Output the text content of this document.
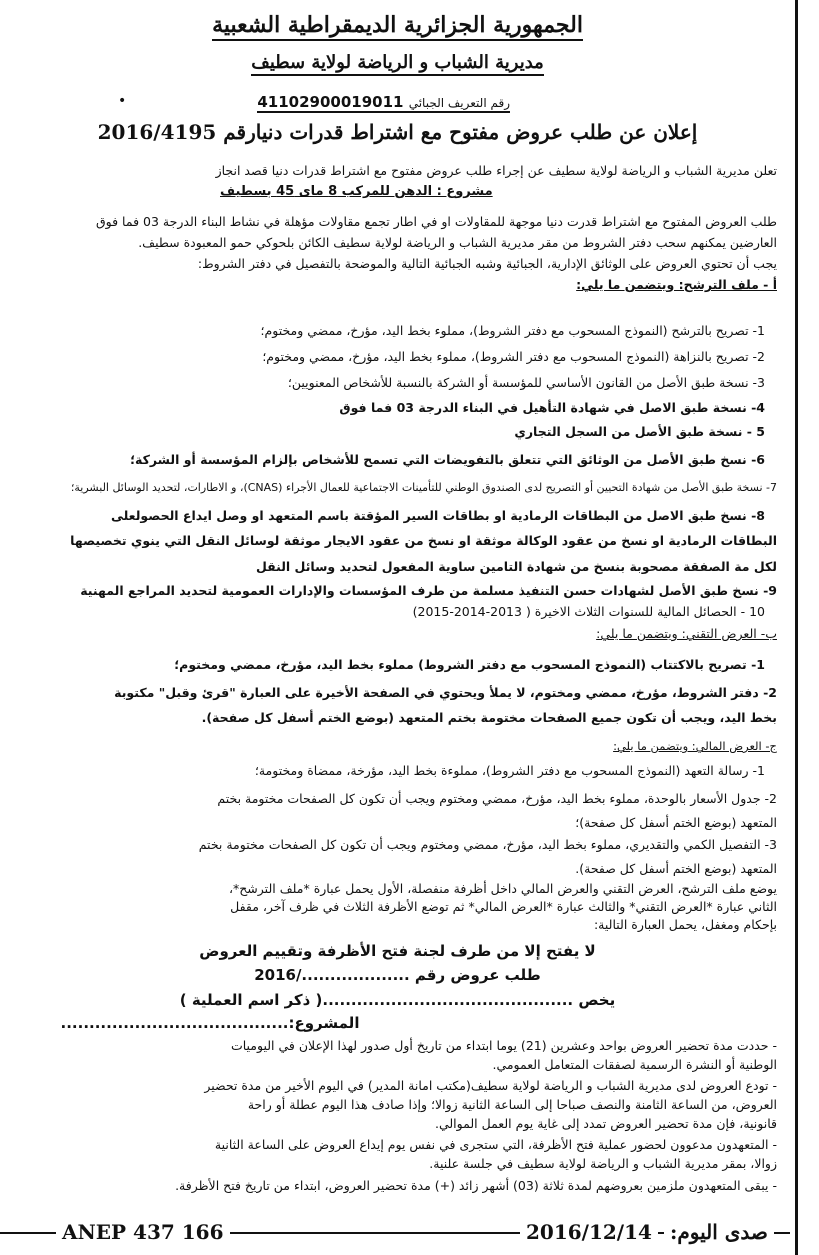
الجمهورية الجزائرية الديمقراطية الشعبية
مديرية الشباب و الرياضة لولاية سطيف
رقم التعريف الجبائي 41102900019011
•
إعلان عن طلب عروض مفتوح مع اشتراط قدرات دنيارقم 2016/4195
تعلن مديرية الشباب و الرياضة لولاية سطيف عن إجراء طلب عروض مفتوح مع اشتراط قدرات دنيا قصد انجاز
مشروع : الدهن للمركب 8 ماى 45 بسطيف
طلب العروض المفتوح مع اشتراط قدرت دنيا موجهة للمقاولات او في اطار تجمع مقاولات مؤهلة في نشاط البناء الدرجة 03 فما فوق
العارضين يمكنهم سحب دفتر الشروط من مقر مديرية الشباب و الرياضة لولاية سطيف الكائن بلحوكي حمو المعبودة سطيف.
يجب أن تحتوي العروض على الوثائق الإدارية، الجبائية وشبه الجبائية التالية والموضحة بالتفصيل في دفتر الشروط:
أ - ملف الترشح: ويتضمن ما يلي:
1- تصريح بالترشح (النموذج المسحوب مع دفتر الشروط)، مملوء بخط اليد، مؤرخ، ممضي ومختوم؛
2- تصريح بالنزاهة (النموذج المسحوب مع دفتر الشروط)، مملوء بخط اليد، مؤرخ، ممضي ومختوم؛
3- نسخة طبق الأصل من القانون الأساسي للمؤسسة أو الشركة بالنسبة للأشخاص المعنويين؛
4- نسخة طبق الاصل في شهادة التأهيل في البناء الدرجة 03 فما فوق
5 - نسخة طبق الأصل من السجل التجاري
6- نسخ طبق الأصل من الوثائق التي تتعلق بالتفويضات التي تسمح للأشخاص بإلزام المؤسسة أو الشركة؛
7- نسخة طبق الأصل من شهادة التحيين أو التصريح لدى الصندوق الوطني للتأمينات الاجتماعية للعمال الأجراء (CNAS)، و الاطارات، لتحديد الوسائل البشرية؛
8- نسخ طبق الاصل من البطاقات الرمادية او بطاقات السير المؤقتة باسم المتعهد او وصل ايداع الحصولعلى
البطاقات الرمادية او نسخ من عقود الوكالة موثقة او نسخ من عقود الايجار موثقة لوسائل النقل التي ينوي تخصيصها
لكل مة الصفقة مصحوبة بنسخ من شهادة التامين ساوية المفعول لتحديد وسائل النقل
9- نسخ طبق الأصل لشهادات حسن التنفيذ مسلمة من طرف المؤسسات والإدارات العمومية لتحديد المراجع المهنية
10 - الحصائل المالية للسنوات الثلاث الاخيرة ( 2013-2014-2015)
ب- العرض التقني: ويتضمن ما يلي:
1- تصريح بالاكتتاب (النموذج المسحوب مع دفتر الشروط) مملوء بخط اليد، مؤرخ، ممضي ومختوم؛
2- دفتر الشروط، مؤرخ، ممضي ومختوم، لا يملأ ويحتوي في الصفحة الأخيرة على العبارة "قرئ وقبل" مكتوبة
بخط اليد، ويجب أن تكون جميع الصفحات مختومة بختم المتعهد (بوضع الختم أسفل كل صفحة).
ج- العرض المالي: ويتضمن ما يلي:
1- رسالة التعهد (النموذج المسحوب مع دفتر الشروط)، مملوءة بخط اليد، مؤرخة، ممضاة ومختومة؛
2- جدول الأسعار بالوحدة، مملوء بخط اليد، مؤرخ، ممضي ومختوم ويجب أن تكون كل الصفحات مختومة بختم
المتعهد (بوضع الختم أسفل كل صفحة)؛
3- التفصيل الكمي والتقديري، مملوء بخط اليد، مؤرخ، ممضي ومختوم ويجب أن تكون كل الصفحات مختومة بختم
المتعهد (بوضع الختم أسفل كل صفحة).
يوضع ملف الترشح، العرض التقني والعرض المالي داخل أظرفة منفصلة، الأول يحمل عبارة *ملف الترشح*،
الثاني عبارة *العرض التقني* والثالث عبارة *العرض المالي* ثم توضع الأظرفة الثلاث في ظرف آخر، مقفل
بإحكام ومغفل، يحمل العبارة التالية:
لا يفتح إلا من طرف لجنة فتح الأظرفة وتقييم العروض
طلب عروض رقم .................../2016
يخص ............................................( ذكر اسم العملية )
المشروع:........................................
- حددت مدة تحضير العروض بواحد وعشرين (21) يوما ابتداء من تاريخ أول صدور لهذا الإعلان في اليوميات
الوطنية أو النشرة الرسمية لصفقات المتعامل العمومي.
- تودع العروض لدى مديرية الشباب و الرياضة لولاية سطيف(مكتب امانة المدير) في اليوم الأخير من مدة تحضير
العروض، من الساعة الثامنة والنصف صباحا إلى الساعة الثانية زوالا؛ وإذا صادف هذا اليوم عطلة أو راحة
قانونية، فإن مدة تحضير العروض تمدد إلى غاية يوم العمل الموالي.
- المتعهدون مدعوون لحضور عملية فتح الأظرفة، التي ستجرى في نفس يوم إيداع العروض على الساعة الثانية
زوالا، بمقر مديرية الشباب و الرياضة لولاية سطيف في جلسة علنية.
- يبقى المتعهدون ملزمين بعروضهم لمدة ثلاثة (03) أشهر زائد (+) مدة تحضير العروض، ابتداء من تاريخ فتح الأظرفة.
ANEP 437 166	2016/12/14 صدى اليوم:
